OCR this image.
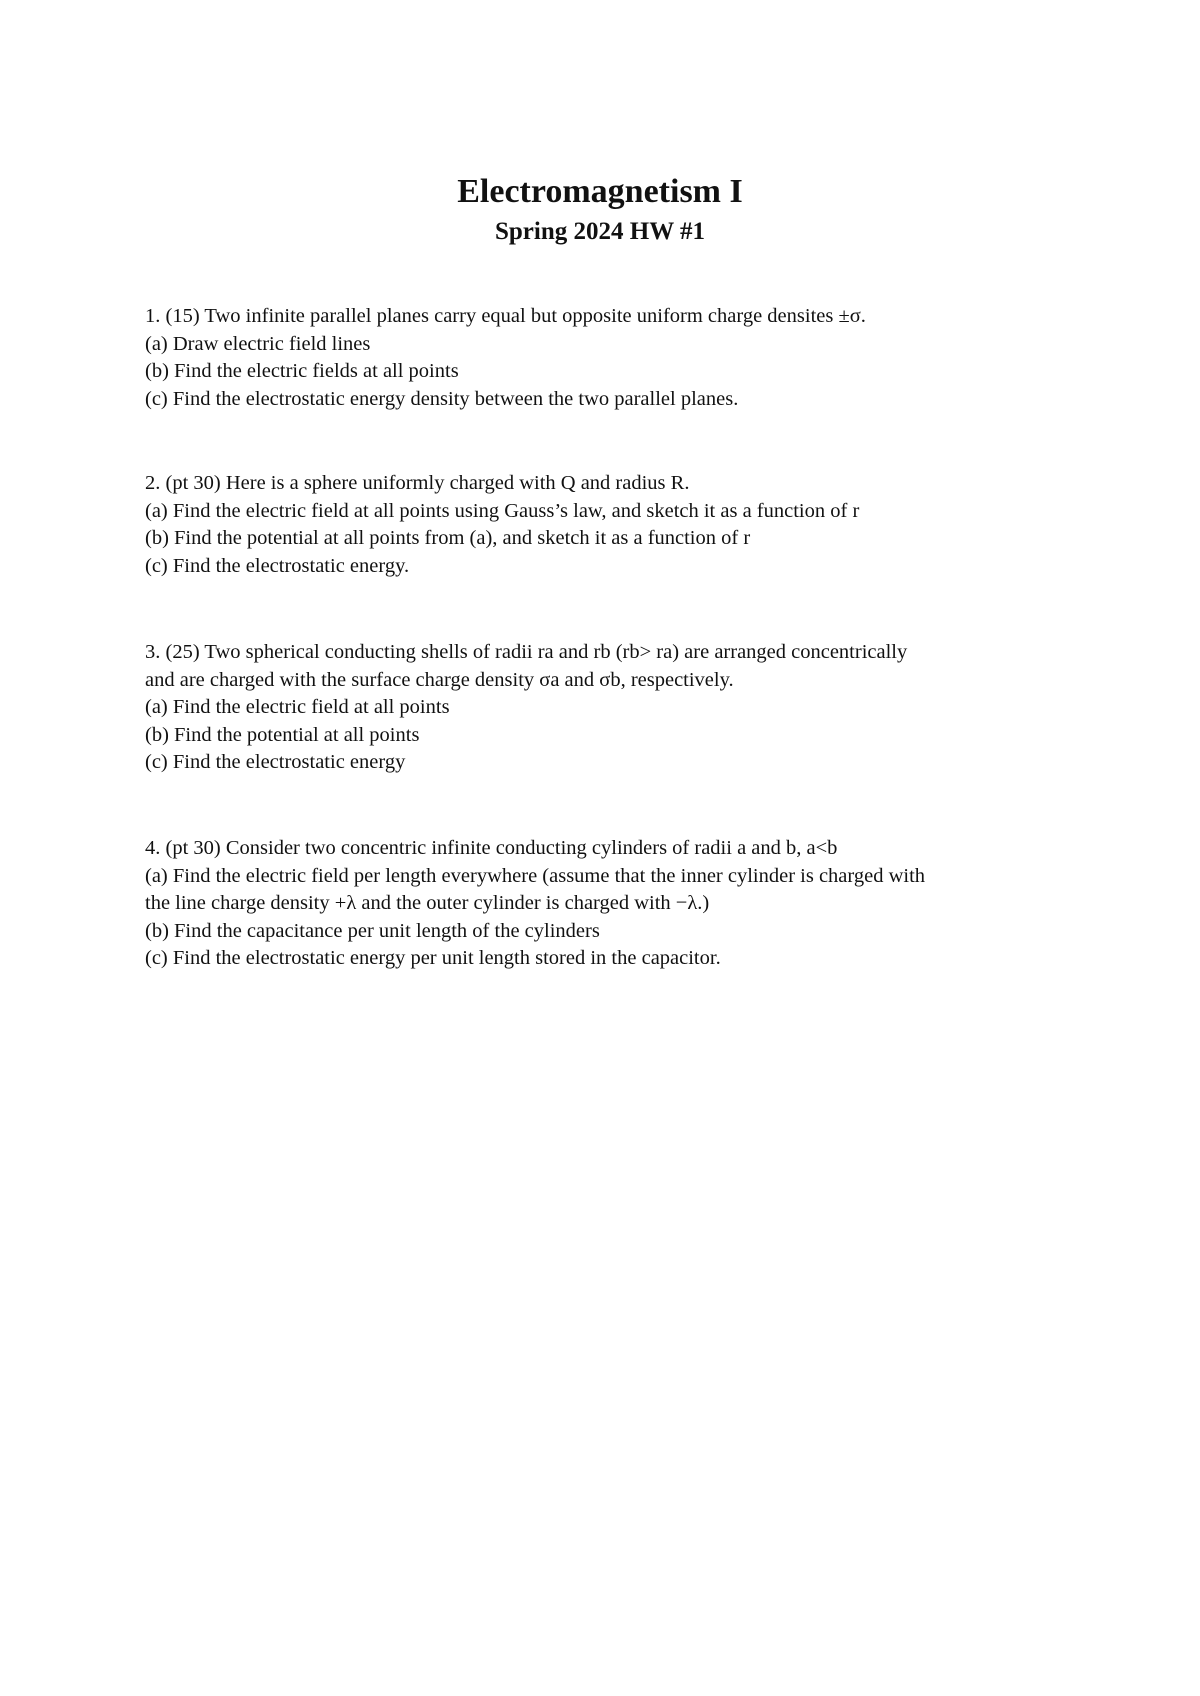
Electromagnetism I
Spring 2024 HW #1
1. (15) Two infinite parallel planes carry equal but opposite uniform charge densites ±σ.
(a) Draw electric field lines
(b) Find the electric fields at all points
(c) Find the electrostatic energy density between the two parallel planes.
2. (pt 30) Here is a sphere uniformly charged with Q and radius R.
(a) Find the electric field at all points using Gauss’s law, and sketch it as a function of r
(b) Find the potential at all points from (a), and sketch it as a function of r
(c) Find the electrostatic energy.
3. (25) Two spherical conducting shells of radii ra and rb (rb> ra) are arranged concentrically
and are charged with the surface charge density σa and σb, respectively.
(a) Find the electric field at all points
(b) Find the potential at all points
(c) Find the electrostatic energy
4. (pt 30) Consider two concentric infinite conducting cylinders of radii a and b, a<b
(a) Find the electric field per length everywhere (assume that the inner cylinder is charged with
the line charge density +λ and the outer cylinder is charged with −λ.)
(b) Find the capacitance per unit length of the cylinders
(c) Find the electrostatic energy per unit length stored in the capacitor.
